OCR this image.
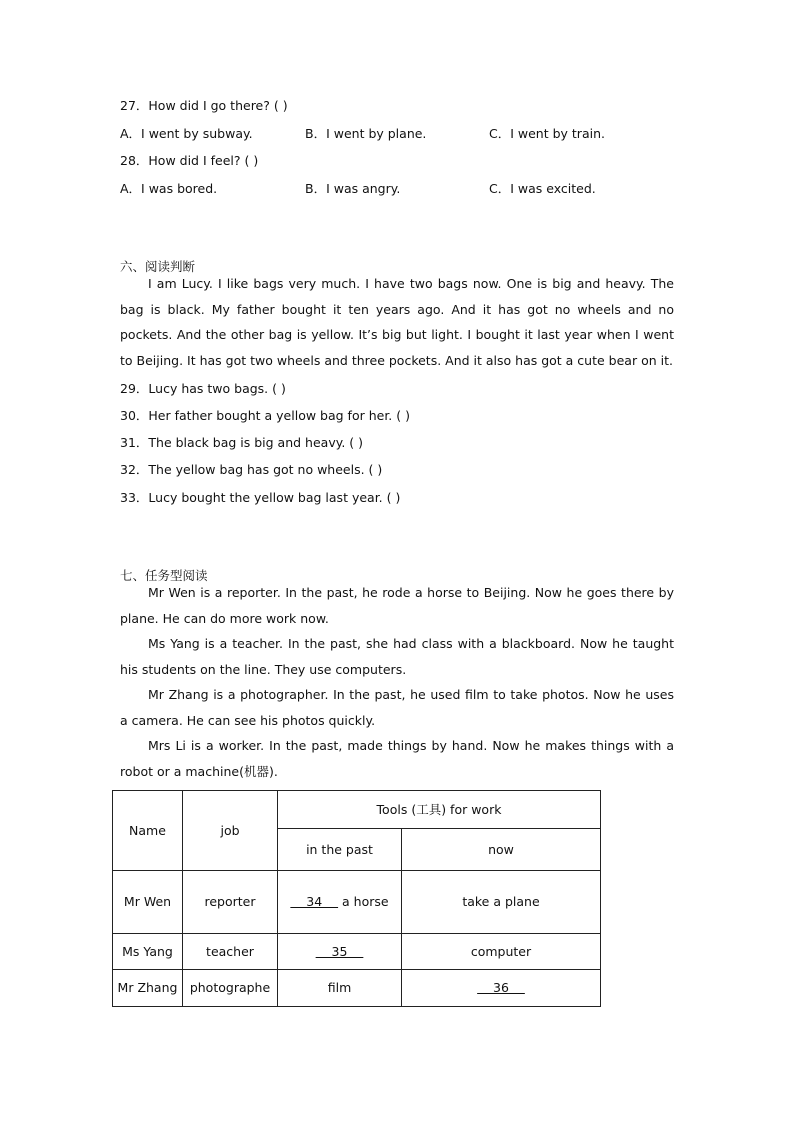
27．How did I go there? ( )
A．I went by subway.	B．I went by plane.	C．I went by train.
28．How did I feel? ( )
A．I was bored.	B．I was angry.	C．I was excited.
六、阅读判断
I am Lucy. I like bags very much. I have two bags now. One is big and heavy. The bag is black. My father bought it ten years ago. And it has got no wheels and no pockets. And the other bag is yellow. It’s big but light. I bought it last year when I went to Beijing. It has got two wheels and three pockets. And it also has got a cute bear on it.
29．Lucy has two bags. ( )
30．Her father bought a yellow bag for her. ( )
31．The black bag is big and heavy. ( )
32．The yellow bag has got no wheels. ( )
33．Lucy bought the yellow bag last year. ( )
七、任务型阅读
Mr Wen is a reporter. In the past, he rode a horse to Beijing. Now he goes there by plane. He can do more work now.
Ms Yang is a teacher. In the past, she had class with a blackboard. Now he taught his students on the line. They use computers.
Mr Zhang is a photographer. In the past, he used film to take photos. Now he uses a camera. He can see his photos quickly.
Mrs Li is a worker. In the past, made things by hand. Now he makes things with a robot or a machine(机器).
Name	job	Tools (工具) for work	
		in the past	now
Mr Wen	reporter	34     a horse	take a plane
Ms Yang	teacher	35	computer
Mr Zhang	photographe	film	36
